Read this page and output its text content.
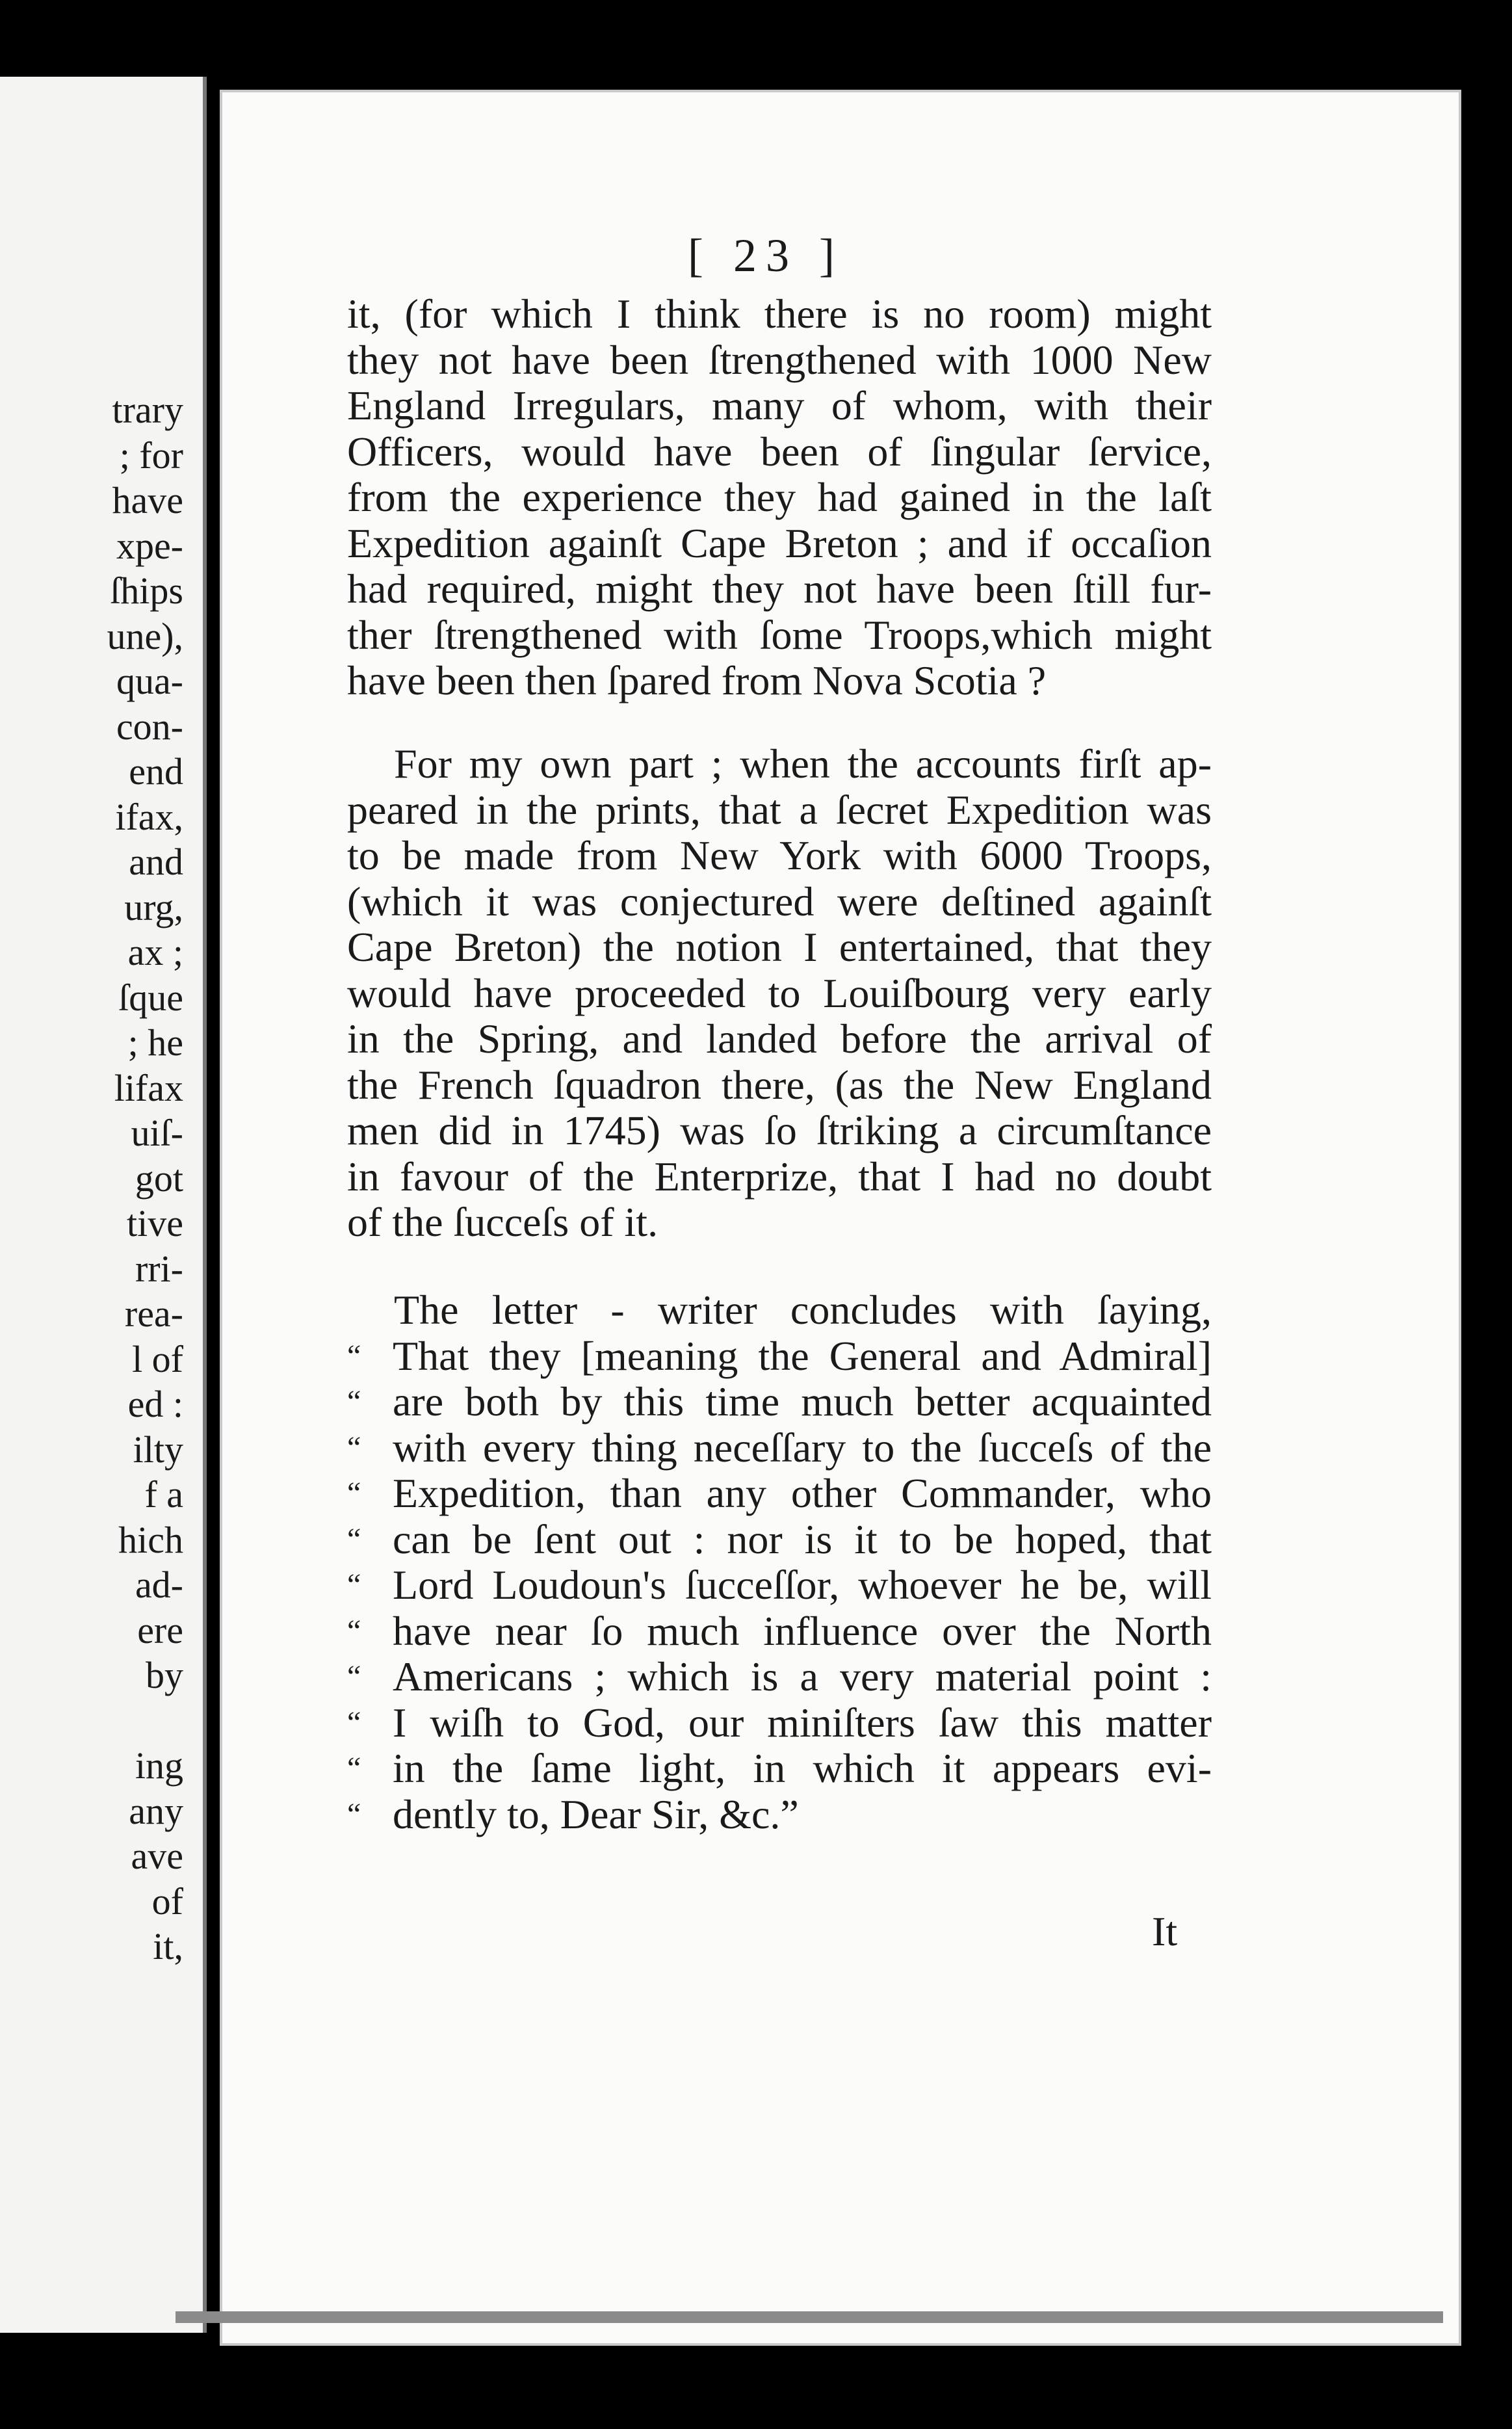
trary
; for
have
xpe-
ſhips
une),
qua-
con-
end
ifax,
and
urg,
ax ;
ſque
; he
lifax
uiſ-
got
tive
rri-
rea-
l of
ed :
ilty
f a
hich
ad-
ere
by
ing
any
ave
of
it,
[ 23 ]
it, (for which I think there is no room) might
they not have been ſtrengthened with 1000 New
England Irregulars, many of whom, with their
Officers, would have been of ſingular ſervice,
from the experience they had gained in the laſt
Expedition againſt Cape Breton ; and if occaſion
had required, might they not have been ſtill fur-
ther ſtrengthened with ſome Troops,which might
have been then ſpared from Nova Scotia ?
For my own part ; when the accounts firſt ap-
peared in the prints, that a ſecret Expedition was
to be made from New York with 6000 Troops,
(which it was conjectured were deſtined againſt
Cape Breton) the notion I entertained, that they
would have proceeded to Louiſbourg very early
in the Spring, and landed before the arrival of
the French ſquadron there, (as the New England
men did in 1745) was ſo ſtriking a circumſtance
in favour of the Enterprize, that I had no doubt
of the ſucceſs of it.
The letter - writer concludes with ſaying,
“ That they [meaning the General and Admiral]
“ are both by this time much better acquainted
“ with every thing neceſſary to the ſucceſs of the
“ Expedition, than any other Commander, who
“ can be ſent out : nor is it to be hoped, that
“ Lord Loudoun's ſucceſſor, whoever he be, will
“ have near ſo much influence over the North
“ Americans ; which is a very material point :
“ I wiſh to God, our miniſters ſaw this matter
“ in the ſame light, in which it appears evi-
“ dently to, Dear Sir, &c.”
It
